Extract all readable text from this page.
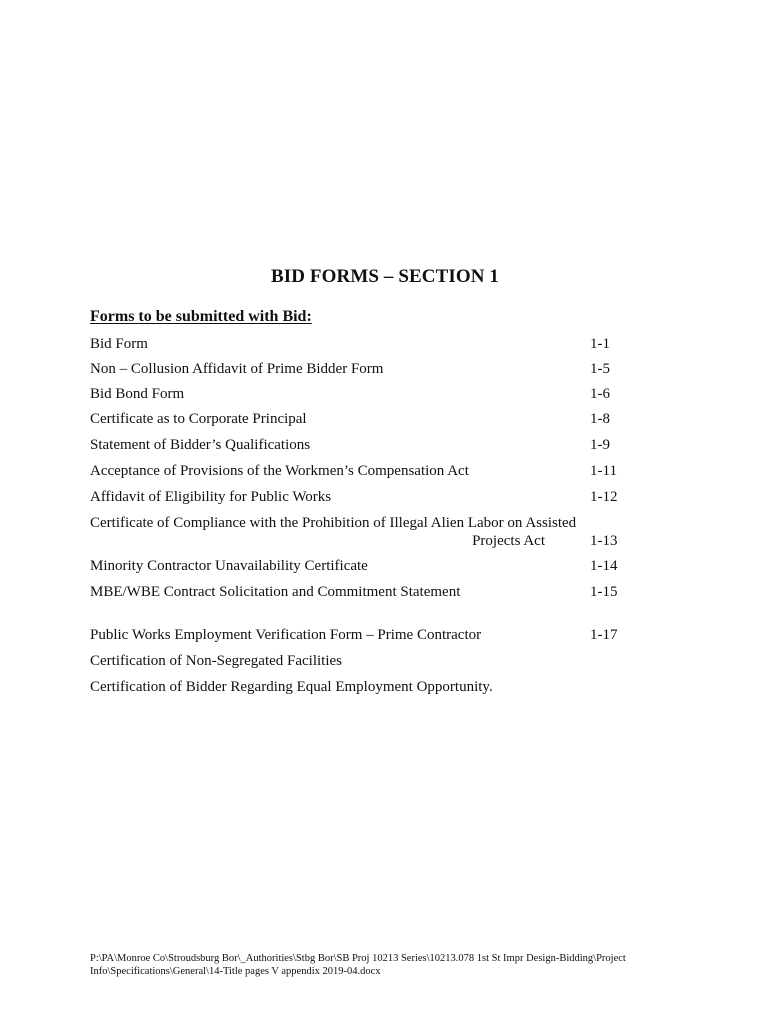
BID FORMS – SECTION 1
Forms to be submitted with Bid:
Bid Form	1-1
Non – Collusion Affidavit of Prime Bidder Form	1-5
Bid Bond Form	1-6
Certificate as to Corporate Principal	1-8
Statement of Bidder’s Qualifications	1-9
Acceptance of Provisions of the Workmen’s Compensation Act	1-11
Affidavit of Eligibility for Public Works	1-12
Certificate of Compliance with the Prohibition of Illegal Alien Labor on Assisted
Projects Act	1-13
Minority Contractor Unavailability Certificate	1-14
MBE/WBE Contract Solicitation and Commitment Statement	1-15
Public Works Employment Verification Form – Prime Contractor	1-17
Certification of Non-Segregated Facilities
Certification of Bidder Regarding Equal Employment Opportunity.
P:\PA\Monroe Co\Stroudsburg Bor\_Authorities\Stbg Bor\SB Proj 10213 Series\10213.078 1st St Impr Design-Bidding\Project
Info\Specifications\General\14-Title pages V appendix 2019-04.docx
